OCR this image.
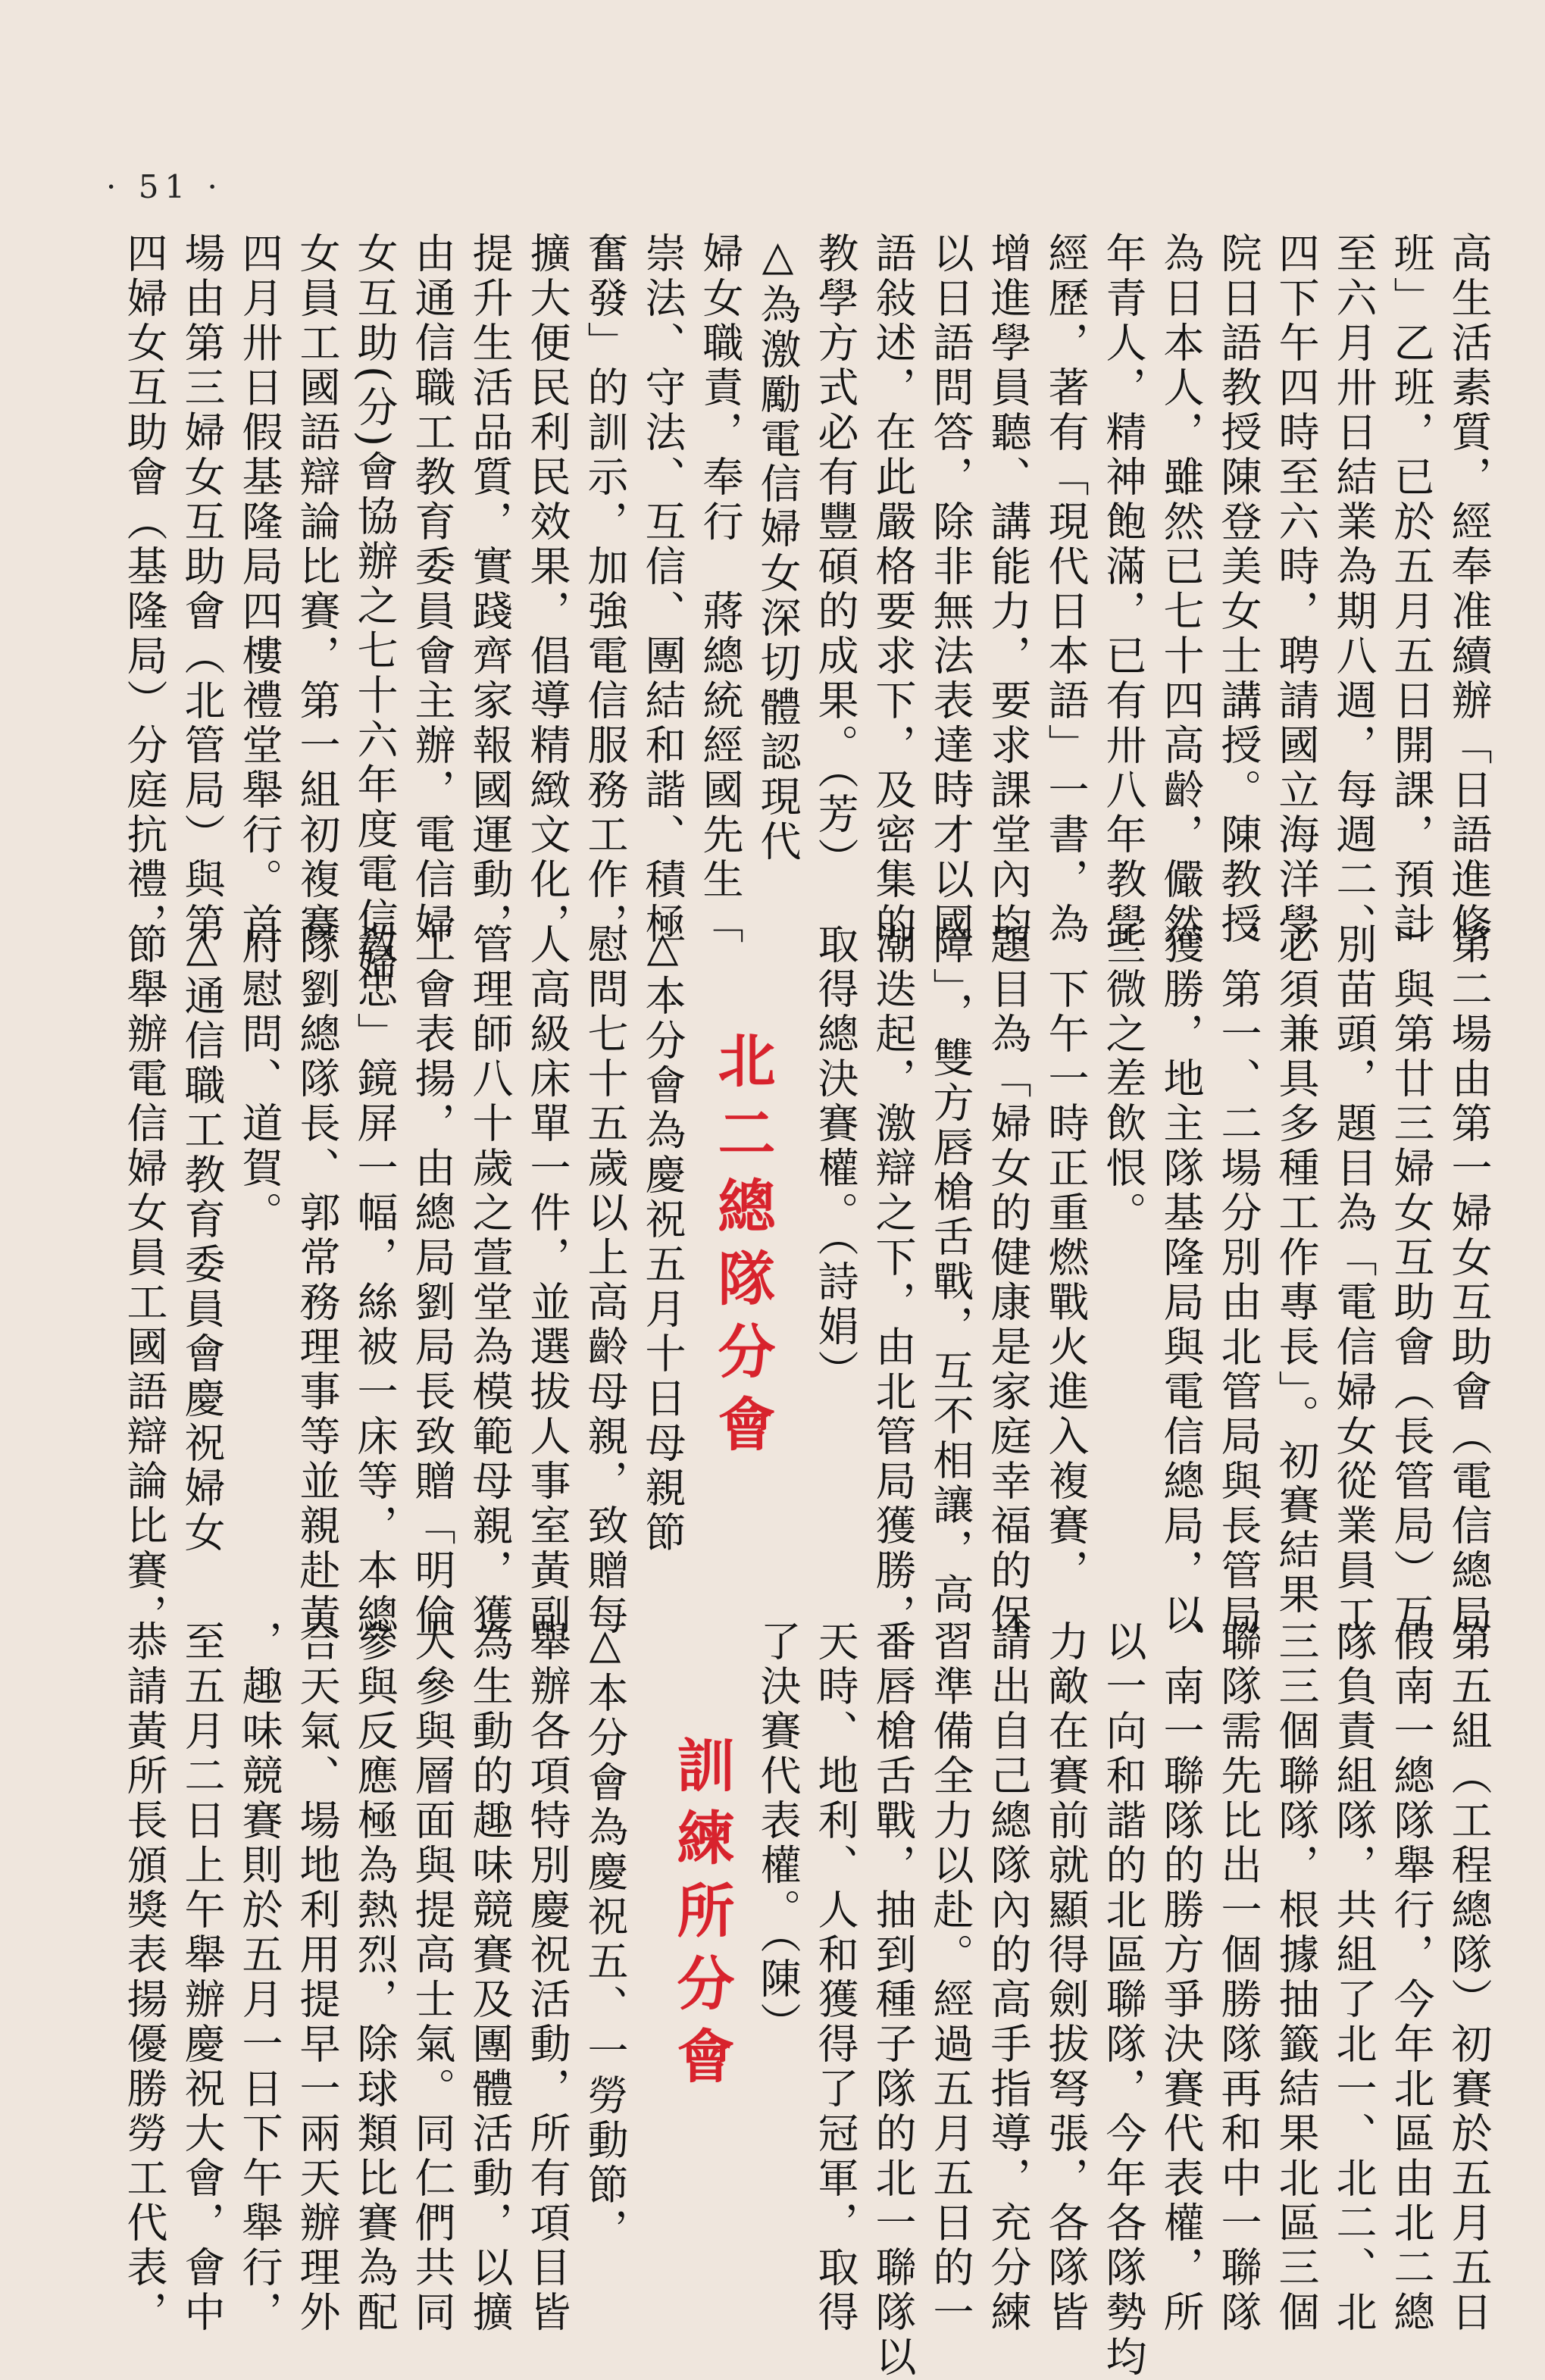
· 51 ·
高生活素質，經奉准續辦「日語進修
班」乙班，已於五月五日開課，預計
至六月卅日結業為期八週，每週二、
四下午四時至六時，聘請國立海洋學
院日語教授陳登美女士講授。陳教授
為日本人，雖然已七十四高齡，儼然
年青人，精神飽滿，已有卅八年教學
經歷，著有「現代日本語」一書，為
增進學員聽、講能力，要求課堂內均
以日語問答，除非無法表達時才以國
語敍述，在此嚴格要求下，及密集的
教學方式必有豐碩的成果。（芳）
△為激勵電信婦女深切體認現代
婦女職責，奉行　蔣總統經國先生「
崇法、守法、互信、團結和諧、積極
奮發」的訓示，加強電信服務工作，
擴大便民利民效果，倡導精緻文化，
提升生活品質，實踐齊家報國運動，
由通信職工教育委員會主辦，電信婦
女互助(分)會協辦之七十六年度電信婦
女員工國語辯論比賽，第一組初複賽
四月卅日假基隆局四樓禮堂舉行。首
場由第三婦女互助會（北管局）與第
四婦女互助會（基隆局）分庭抗禮，
第二場由第一婦女互助會（電信總局
）與第廿三婦女互助會（長管局）互
別苗頭，題目為「電信婦女從業員工
必須兼具多種工作專長」。初賽結果
，第一、二場分別由北管局與長管局
獲勝，地主隊基隆局與電信總局，以
些微之差飲恨。
　下午一時正重燃戰火進入複賽，
題目為「婦女的健康是家庭幸福的保
障」，雙方唇槍舌戰，互不相讓，高
潮迭起，激辯之下，由北管局獲勝，
取得總決賽權。（詩娟）
北二總隊分會
△本分會為慶祝五月十日母親節
慰問七十五歲以上高齡母親，致贈每
人高級床單一件，並選拔人事室黃副
管理師八十歲之萱堂為模範母親，獲
工會表揚，由總局劉局長致贈「明倫
敎忠」鏡屏一幅，絲被一床等，本總
隊劉總隊長、郭常務理事等並親赴黃
府慰問、道賀。
△通信職工教育委員會慶祝婦女
節舉辦電信婦女員工國語辯論比賽，
第五組（工程總隊）初賽於五月五日
假南一總隊舉行，今年北區由北二總
隊負責組隊，共組了北一、北二、北
三三個聯隊，根據抽籤結果北區三個
聯隊需先比出一個勝隊再和中一聯隊
、南一聯隊的勝方爭決賽代表權，所
以一向和諧的北區聯隊，今年各隊勢均
力敵在賽前就顯得劍拔弩張，各隊皆
請出自己總隊內的高手指導，充分練
習準備全力以赴。經過五月五日的一
番唇槍舌戰，抽到種子隊的北一聯隊以
天時、地利、人和獲得了冠軍，取得
了決賽代表權。（陳）
訓練所分會
△本分會為慶祝五、一勞動節，
舉辦各項特別慶祝活動，所有項目皆
為生動的趣味競賽及團體活動，以擴
大參與層面與提高士氣。同仁們共同
參與反應極為熱烈，除球類比賽為配
合天氣、場地利用提早一兩天辦理外
，趣味競賽則於五月一日下午舉行，
至五月二日上午舉辦慶祝大會，會中
恭請黃所長頒獎表揚優勝勞工代表，
